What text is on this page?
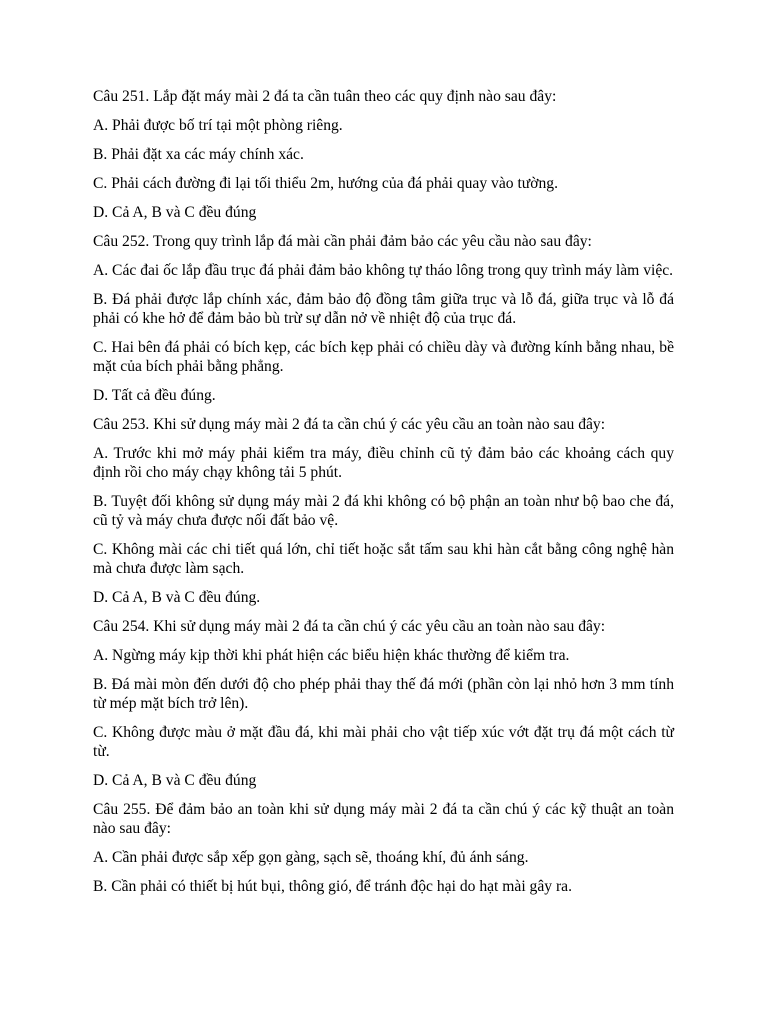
Câu 251. Lắp đặt máy mài 2 đá ta cần tuân theo các quy định nào sau đây:

A. Phải được bố trí tại một phòng riêng.

B. Phải đặt xa các máy chính xác.

C. Phải cách đường đi lại tối thiểu 2m, hướng của đá phải quay vào tường.

D. Cả A, B và C đều đúng

Câu 252. Trong quy trình lắp đá mài cần phải đảm bảo các yêu cầu nào sau đây:

A. Các đai ốc lắp đầu trục đá phải đảm bảo không tự tháo lông trong quy trình máy làm việc.

B. Đá phải được lắp chính xác, đảm bảo độ đồng tâm giữa trục và lỗ đá, giữa trục và lỗ đá phải có khe hở để đảm bảo bù trừ sự dẫn nở về nhiệt độ của trục đá.

C. Hai bên đá phải có bích kẹp, các bích kẹp phải có chiều dày và đường kính bằng nhau, bề mặt của bích phải bằng phẳng.

D. Tất cả đều đúng.

Câu 253. Khi sử dụng máy mài 2 đá ta cần chú ý các yêu cầu an toàn nào sau đây:

A. Trước khi mở máy phải kiểm tra máy, điều chỉnh cũ tỷ đảm bảo các khoảng cách quy định rồi cho máy chạy không tải 5 phút.

B. Tuyệt đối không sử dụng máy mài 2 đá khi không có bộ phận an toàn như bộ bao che đá, cũ tỷ và máy chưa được nối đất bảo vệ.

C. Không mài các chi tiết quá lớn, chỉ tiết hoặc sắt tấm sau khi hàn cắt bằng công nghệ hàn mà chưa được làm sạch.

D. Cả A, B và C đều đúng.

Câu 254. Khi sử dụng máy mài 2 đá ta cần chú ý các yêu cầu an toàn nào sau đây:

A. Ngừng máy kịp thời khi phát hiện các biểu hiện khác thường để kiểm tra.

B. Đá mài mòn đến dưới độ cho phép phải thay thế đá mới (phần còn lại nhỏ hơn 3 mm tính từ mép mặt bích trở lên).

C. Không được màu ở mặt đầu đá, khi mài phải cho vật tiếp xúc vớt đặt trụ đá một cách từ từ.

D. Cả A, B và C đều đúng

Câu 255. Để đảm bảo an toàn khi sử dụng máy mài 2 đá ta cần chú ý các kỹ thuật an toàn nào sau đây:

A. Cần phải được sắp xếp gọn gàng, sạch sẽ, thoáng khí, đủ ánh sáng.

B. Cần phải có thiết bị hút bụi, thông gió, để tránh độc hại do hạt mài gây ra.
